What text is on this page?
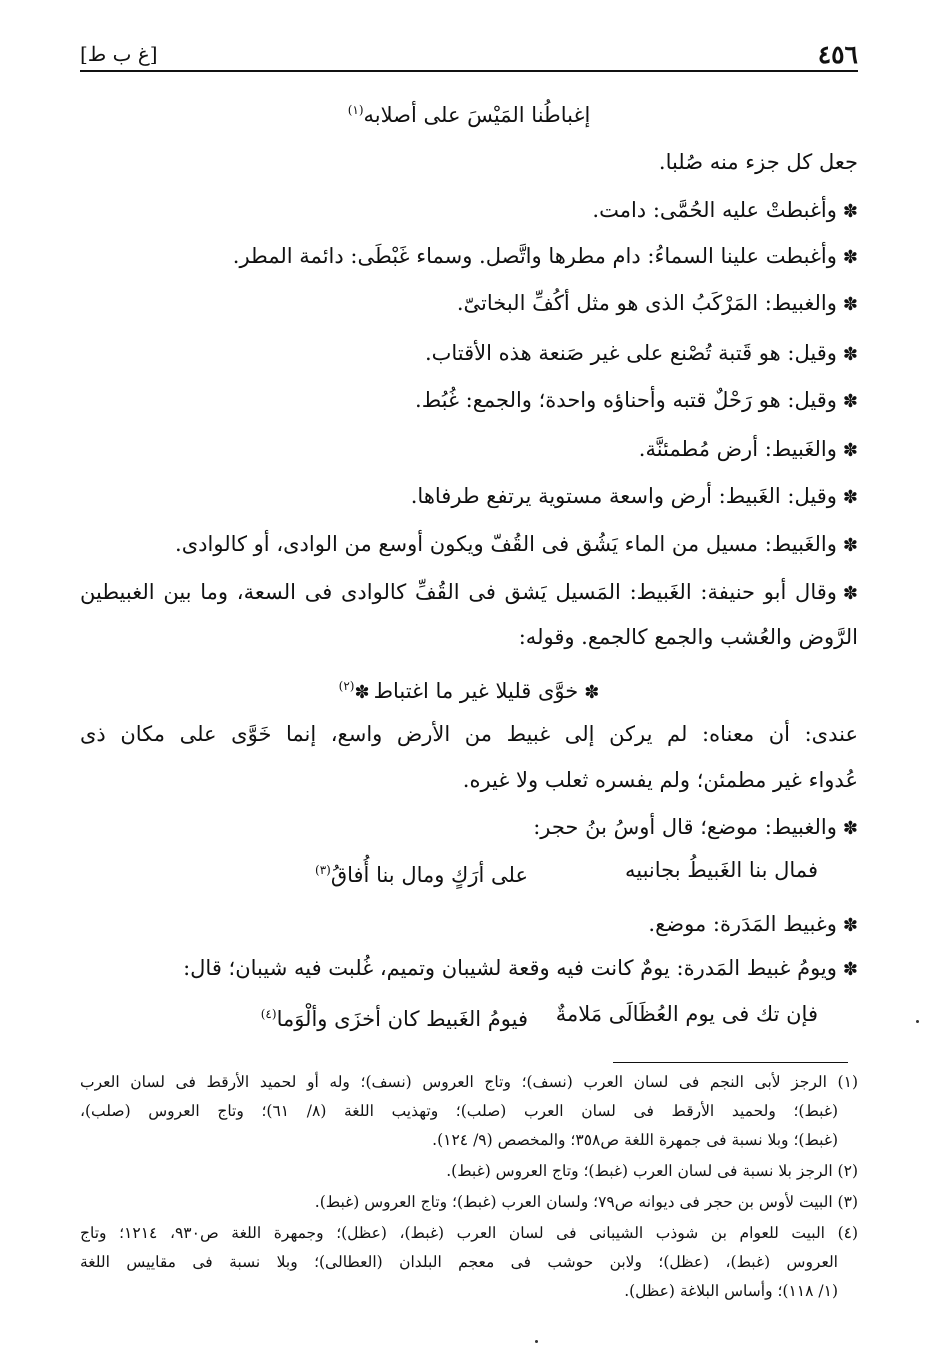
٤٥٦
[غ ب ط]
إغباطُنا المَيْسَ على أصلابه$^{(١)}$
جعل كل جزء منه صُلبا.
✽وأغبطتْ عليه الحُمَّى: دامت.
✽وأغبطت علينا السماءُ: دام مطرها واتَّصل. وسماء غَبْطَى: دائمة المطر.
✽والغبيط: المَرْكَبُ الذى هو مثل أكُفِّ البخاتىّ.
✽وقيل: هو قَتبة تُصْنع على غير صَنعة هذه الأقتاب.
✽وقيل: هو رَحْلٌ قتبه وأحناؤه واحدة؛ والجمع: غُبُط.
✽والغَبيط: أرض مُطمئنَّة.
✽وقيل: الغَبيط: أرض واسعة مستوية يرتفع طرفاها.
✽والغَبيط: مسيل من الماء يَشُق فى القُفّ ويكون أوسع من الوادى، أو كالوادى.
✽وقال أبو حنيفة: الغَبيط: المَسيل يَشق فى القُفِّ كالوادى فى السعة، وما بين الغبيطين
الرَّوض والعُشب والجمع كالجمع. وقوله:
✽خوَّى قليلا غير ما اغتباط✽$^{(٢)}$
عندى: أن معناه: لم يركن إلى غبيط من الأرض واسع، إنما خَوَّى على مكان ذى
عُدواء غير مطمئن؛ ولم يفسره ثعلب ولا غيره.
✽والغبيط: موضع؛ قال أوسُ بنُ حجر:
فمال بنا الغَبيطُ بجانبيه
على أرَكٍ ومال بنا أُفاقُ$^{(٣)}$
✽وغبيط المَدَرة: موضع.
✽ويومُ غبيط المَدرة: يومٌ كانت فيه وقعة لشيبان وتميم، غُلبت فيه شيبان؛ قال:
فإن تك فى يوم العُظَالَى مَلامةٌ
فيومُ الغَبيط كان أخزَى وألْوَما$^{(٤)}$
(١) الرجز لأبى النجم فى لسان العرب (نسف)؛ وتاج العروس (نسف)؛ وله أو لحميد الأرقط فى لسان العرب
(غبط)؛ ولحميد الأرقط فى لسان العرب (صلب)؛ وتهذيب اللغة (٨/ ٦١)؛ وتاج العروس (صلب)،
(غبط)؛ وبلا نسبة فى جمهرة اللغة ص٣٥٨؛ والمخصص (٩/ ١٢٤).
(٢) الرجز بلا نسبة فى لسان العرب (غبط)؛ وتاج العروس (غبط).
(٣) البيت لأوس بن حجر فى ديوانه ص٧٩؛ ولسان العرب (غبط)؛ وتاج العروس (غبط).
(٤) البيت للعوام بن شوذب الشيبانى فى لسان العرب (غبط)، (عظل)؛ وجمهرة اللغة ص٩٣٠، ١٢١٤؛ وتاج
العروس (غبط)، (عظل)؛ ولابن حوشب فى معجم البلدان (العطالى)؛ وبلا نسبة فى مقاييس اللغة
(١/ ١١٨)؛ وأساس البلاغة (عظل).
